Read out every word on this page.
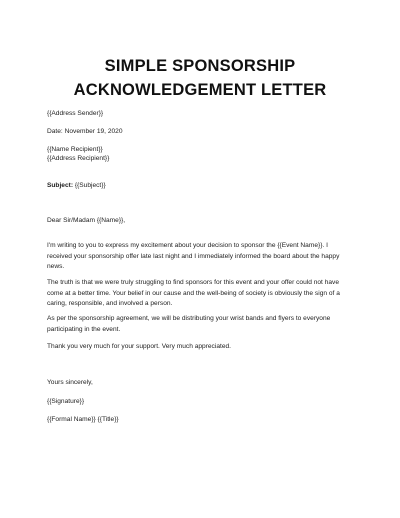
SIMPLE SPONSORSHIP
ACKNOWLEDGEMENT LETTER
{{Address Sender}}
Date: November 19, 2020
{{Name Recipient}}
{{Address Recipient}}
Subject: {{Subject}}
Dear Sir/Madam {{Name}},
I'm writing to you to express my excitement about your decision to sponsor the {{Event Name}}. I
received your sponsorship offer late last night and I immediately informed the board about the happy
news.
The truth is that we were truly struggling to find sponsors for this event and your offer could not have
come at a better time. Your belief in our cause and the well-being of society is obviously the sign of a
caring, responsible, and involved a person.
As per the sponsorship agreement, we will be distributing your wrist bands and flyers to everyone
participating in the event.
Thank you very much for your support. Very much appreciated.
Yours sincerely,
{{Signature}}
{{Formal Name}} {{Title}}
